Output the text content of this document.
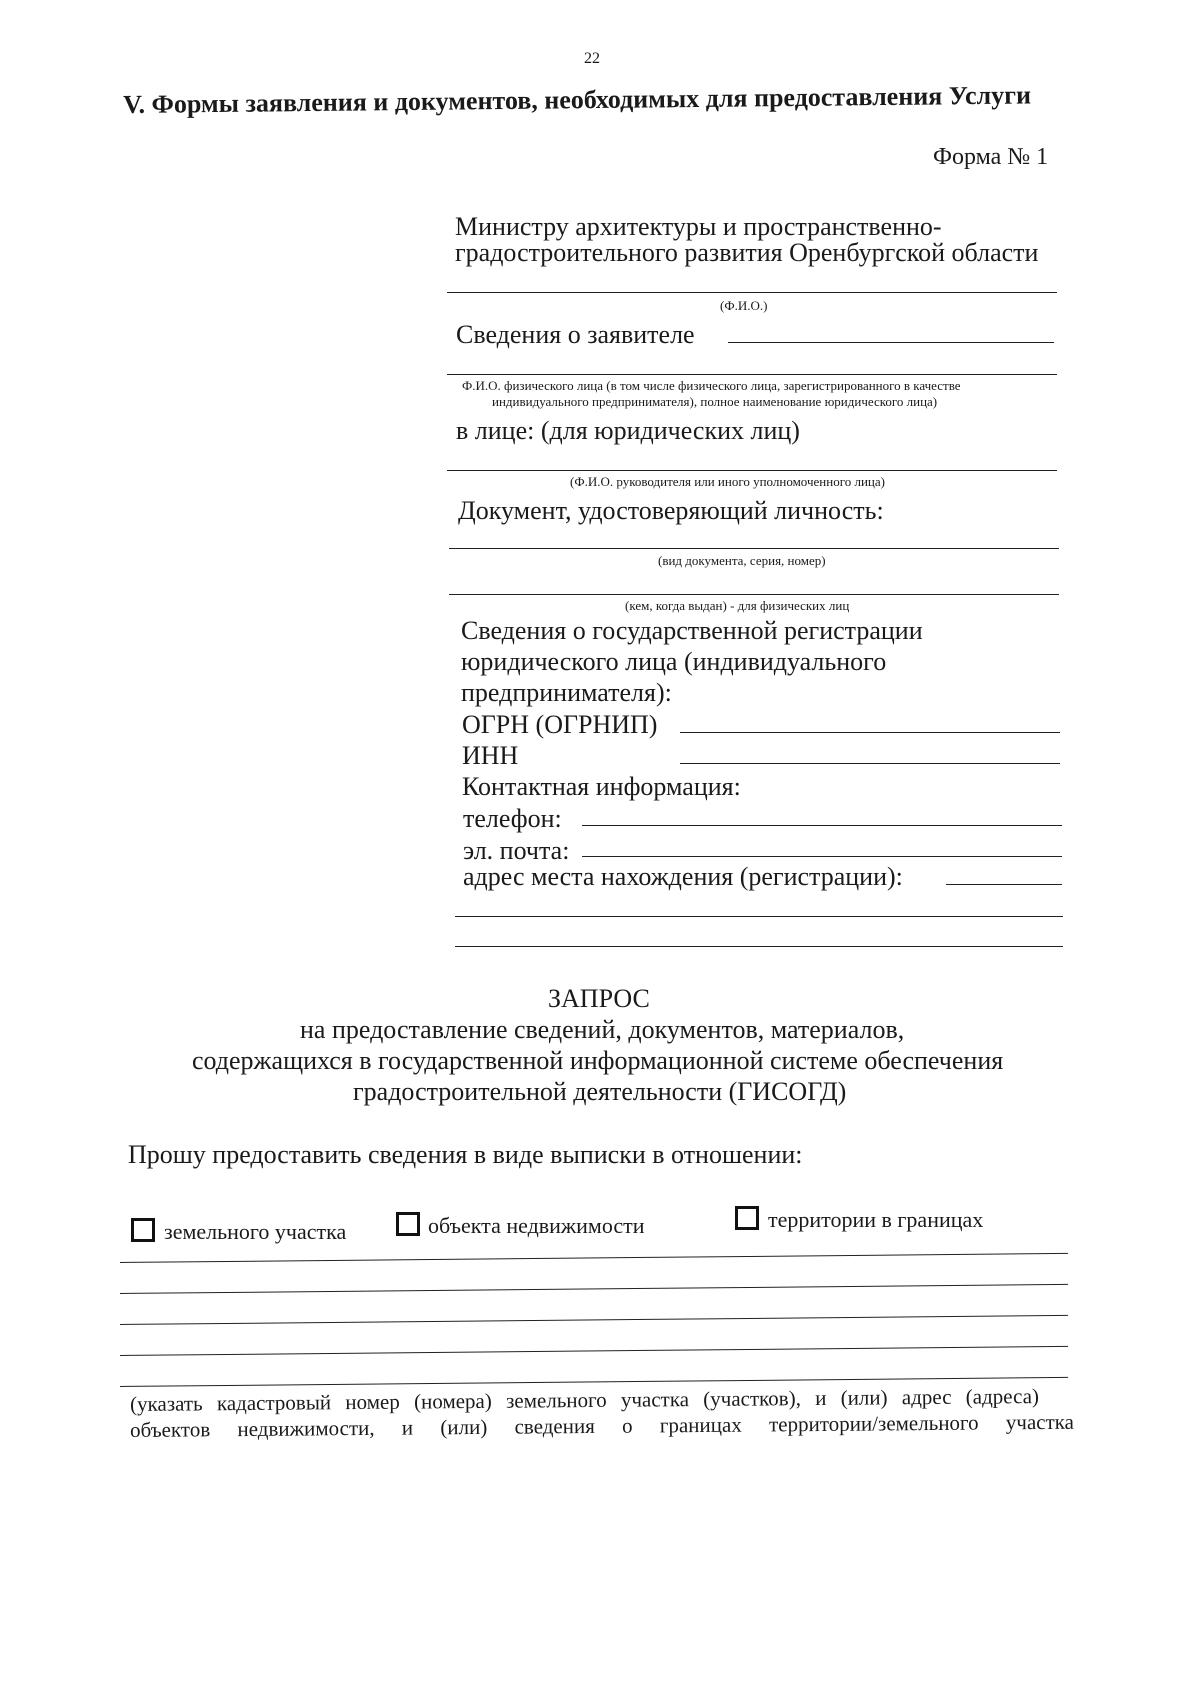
22
V. Формы заявления и документов, необходимых для предоставления Услуги
Форма № 1
Министру архитектуры и пространственно-
градостроительного развития Оренбургской области
(Ф.И.О.)
Сведения о заявителе
Ф.И.О. физического лица (в том числе физического лица, зарегистрированного в качестве
индивидуального предпринимателя), полное наименование юридического лица)
в лице: (для юридических лиц)
(Ф.И.О. руководителя или иного уполномоченного лица)
Документ, удостоверяющий личность:
(вид документа, серия, номер)
(кем, когда выдан) - для физических лиц
Сведения о государственной регистрации
юридического лица (индивидуального
предпринимателя):
ОГРН (ОГРНИП)
ИНН
Контактная информация:
телефон:
эл. почта:
адрес места нахождения (регистрации):
ЗАПРОС
на предоставление сведений, документов, материалов,
содержащихся в государственной информационной системе обеспечения
градостроительной деятельности (ГИСОГД)
Прошу предоставить сведения в виде выписки в отношении:
земельного участка	объекта недвижимости	территории в границах
(указать кадастровый номер (номера) земельного участка (участков), и (или) адрес (адреса)
объектов недвижимости, и (или) сведения о границах территории/земельного участка
